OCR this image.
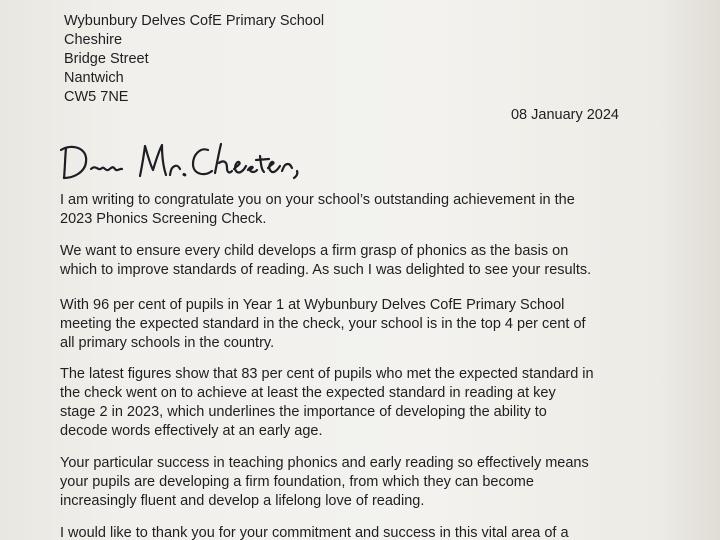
Wybunbury Delves CofE Primary School
Cheshire
Bridge Street
Nantwich
CW5 7NE
08 January 2024
I am writing to congratulate you on your school’s outstanding achievement in the
2023 Phonics Screening Check.
We want to ensure every child develops a firm grasp of phonics as the basis on
which to improve standards of reading. As such I was delighted to see your results.
With 96 per cent of pupils in Year 1 at Wybunbury Delves CofE Primary School
meeting the expected standard in the check, your school is in the top 4 per cent of
all primary schools in the country.
The latest figures show that 83 per cent of pupils who met the expected standard in
the check went on to achieve at least the expected standard in reading at key
stage 2 in 2023, which underlines the importance of developing the ability to
decode words effectively at an early age.
Your particular success in teaching phonics and early reading so effectively means
your pupils are developing a firm foundation, from which they can become
increasingly fluent and develop a lifelong love of reading.
I would like to thank you for your commitment and success in this vital area of a
